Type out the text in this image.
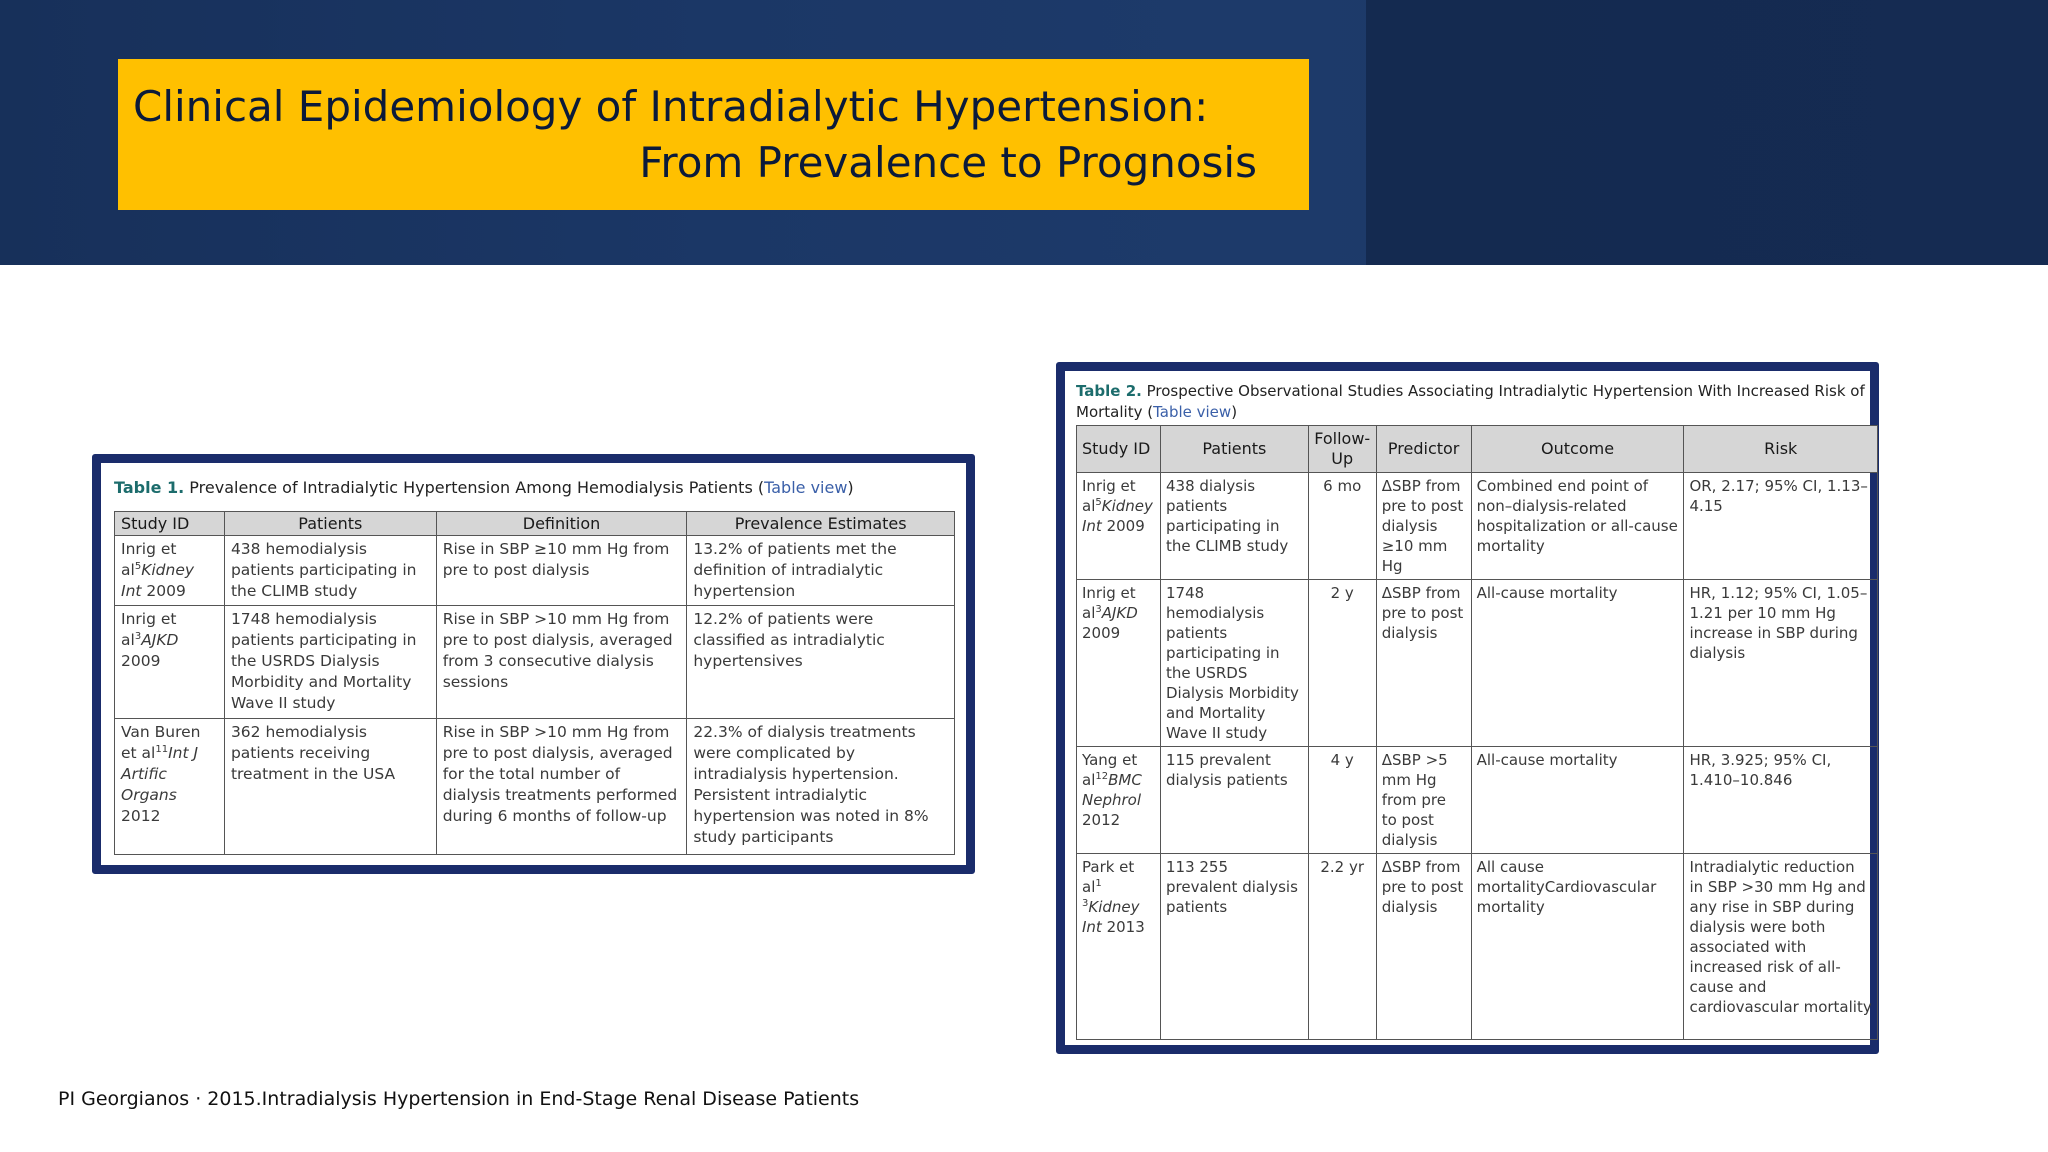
Clinical Epidemiology of Intradialytic Hypertension:
From Prevalence to Prognosis
Table 1. Prevalence of Intradialytic Hypertension Among Hemodialysis Patients (Table view)
Study ID	Patients	Definition	Prevalence Estimates
Inrig et $al^5Kidney$ Int 2009	438 hemodialysis patients participating in the CLIMB study	Rise in SBP ≥10 mm Hg from pre to post dialysis	13.2% of patients met the definition of intradialytic hypertension
Inrig et $al^3AJKD$ 2009	1748 hemodialysis patients participating in the USRDS Dialysis Morbidity and Mortality Wave II study	Rise in SBP >10 mm Hg from pre to post dialysis, averaged from 3 consecutive dialysis sessions	12.2% of patients were classified as intradialytic hypertensives
Van Buren et $al^{11}Int$ J Artific Organs 2012	362 hemodialysis patients receiving treatment in the USA	Rise in SBP >10 mm Hg from pre to post dialysis, averaged for the total number of dialysis treatments performed during 6 months of follow-up	22.3% of dialysis treatments were complicated by intradialysis hypertension. Persistent intradialytic hypertension was noted in 8% study participants
Table 2. Prospective Observational Studies Associating Intradialytic Hypertension With Increased Risk of Mortality (Table view)
Study ID	Patients	Follow-Up	Predictor	Outcome	Risk
Inrig et $al^5Kidney$ Int 2009	438 dialysis patients participating in the CLIMB study	6 mo	ΔSBP from pre to post dialysis ≥10 mm Hg	Combined end point of non–dialysis-related hospitalization or all-cause mortality	OR, 2.17; 95% CI, 1.13–4.15
Inrig et $al^3AJKD$ 2009	1748 hemodialysis patients participating in the USRDS Dialysis Morbidity and Mortality Wave II study	2 y	ΔSBP from pre to post dialysis	All-cause mortality	HR, 1.12; 95% CI, 1.05–1.21 per 10 mm Hg increase in SBP during dialysis
Yang et $al^{12}BMC$ Nephrol 2012	115 prevalent dialysis patients	4 y	ΔSBP >5 mm Hg from pre to post dialysis	All-cause mortality	HR, 3.925; 95% CI, 1.410–10.846
Park et $al^{1 3}Kidney$ Int 2013	113 255 prevalent dialysis patients	2.2 yr	ΔSBP from pre to post dialysis	All cause mortalityCardiovascular mortality	Intradialytic reduction in SBP >30 mm Hg and any rise in SBP during dialysis were both associated with increased risk of all-cause and cardiovascular mortality
PI Georgianos · 2015.Intradialysis Hypertension in End-Stage Renal Disease Patients
